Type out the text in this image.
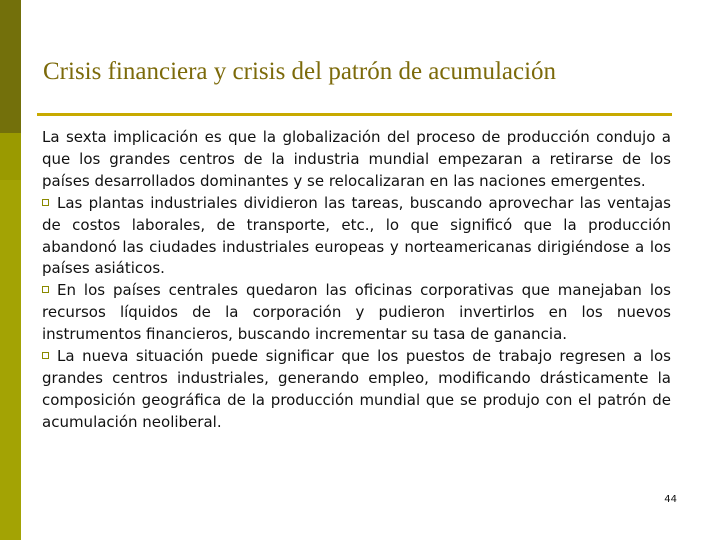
Crisis financiera y crisis del patrón de acumulación

La sexta implicación es que la globalización del proceso de producción condujo a que los grandes centros de la industria mundial empezaran a retirarse de los países desarrollados dominantes y se relocalizaran en las naciones emergentes.

Las plantas industriales dividieron las tareas, buscando aprovechar las ventajas de costos laborales, de transporte, etc., lo que significó que la producción abandonó las ciudades industriales europeas y norteamericanas dirigiéndose a los países asiáticos.

En los países centrales quedaron las oficinas corporativas que manejaban los recursos líquidos de la corporación y pudieron invertirlos en los nuevos instrumentos financieros, buscando incrementar su tasa de ganancia.

La nueva situación puede significar que los puestos de trabajo regresen a los grandes centros industriales, generando empleo, modificando drásticamente la composición geográfica de la producción mundial que se produjo con el patrón de acumulación neoliberal.

44
